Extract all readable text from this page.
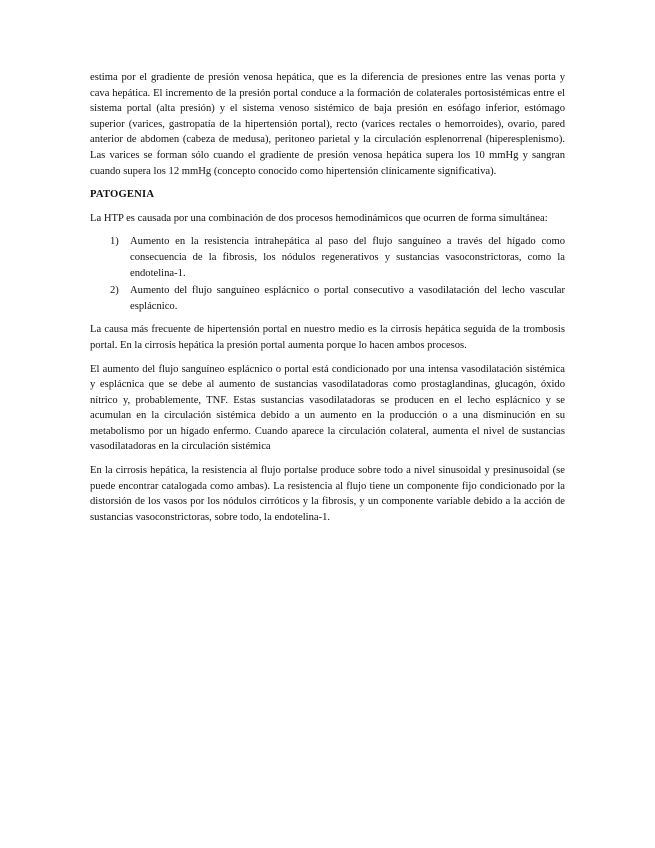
estima por el gradiente de presión venosa hepática, que es la diferencia de presiones entre las venas porta y cava hepática. El incremento de la presión portal conduce a la formación de colaterales portosistémicas entre el sistema portal (alta presión) y el sistema venoso sistémico de baja presión en esófago inferior, estómago superior (varices, gastropatía de la hipertensión portal), recto (varices rectales o hemorroides), ovario, pared anterior de abdomen (cabeza de medusa), peritoneo parietal y la circulación esplenorrenal (hiperesplenismo). Las varices se forman sólo cuando el gradiente de presión venosa hepática supera los 10 mmHg y sangran cuando supera los 12 mmHg (concepto conocido como hipertensión clínicamente significativa).

PATOGENIA

La HTP es causada por una combinación de dos procesos hemodinámicos que ocurren de forma simultánea:

1)	Aumento en la resistencia intrahepática al paso del flujo sanguíneo a través del hígado como consecuencia de la fibrosis, los nódulos regenerativos y sustancias vasoconstrictoras, como la endotelina-1.
2)	Aumento del flujo sanguíneo esplácnico o portal consecutivo a vasodilatación del lecho vascular esplácnico.

La causa más frecuente de hipertensión portal en nuestro medio es la cirrosis hepática seguida de la trombosis portal. En la cirrosis hepática la presión portal aumenta porque lo hacen ambos procesos.

El aumento del flujo sanguíneo esplácnico o portal está condicionado por una intensa vasodilatación sistémica y esplácnica que se debe al aumento de sustancias vasodilatadoras como prostaglandinas, glucagón, óxido nítrico y, probablemente, TNF. Estas sustancias vasodilatadoras se producen en el lecho esplácnico y se acumulan en la circulación sistémica debido a un aumento en la producción o a una disminución en su metabolismo por un hígado enfermo. Cuando aparece la circulación colateral, aumenta el nivel de sustancias vasodilatadoras en la circulación sistémica

En la cirrosis hepática, la resistencia al flujo portalse produce sobre todo a nivel sinusoidal y presinusoidal (se puede encontrar catalogada como ambas). La resistencia al flujo tiene un componente fijo condicionado por la distorsión de los vasos por los nódulos cirróticos y la fibrosis, y un componente variable debido a la acción de sustancias vasoconstrictoras, sobre todo, la endotelina-1.
